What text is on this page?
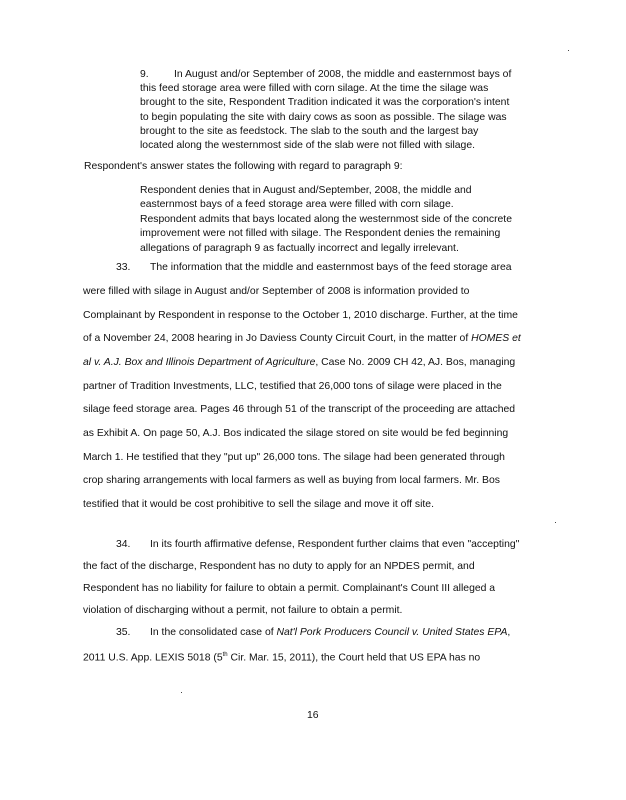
9. In August and/or September of 2008, the middle and easternmost bays of
this feed storage area were filled with corn silage. At the time the silage was
brought to the site, Respondent Tradition indicated it was the corporation's intent
to begin populating the site with dairy cows as soon as possible. The silage was
brought to the site as feedstock. The slab to the south and the largest bay
located along the westernmost side of the slab were not filled with silage.
Respondent's answer states the following with regard to paragraph 9:
Respondent denies that in August and/September, 2008, the middle and
easternmost bays of a feed storage area were filled with corn silage.
Respondent admits that bays located along the westernmost side of the concrete
improvement were not filled with silage. The Respondent denies the remaining
allegations of paragraph 9 as factually incorrect and legally irrelevant.
33. The information that the middle and easternmost bays of the feed storage area
were filled with silage in August and/or September of 2008 is information provided to
Complainant by Respondent in response to the October 1, 2010 discharge. Further, at the time
of a November 24, 2008 hearing in Jo Daviess County Circuit Court, in the matter of HOMES et
al v. A.J. Box and Illinois Department of Agriculture, Case No. 2009 CH 42, AJ. Bos, managing
partner of Tradition Investments, LLC, testified that 26,000 tons of silage were placed in the
silage feed storage area. Pages 46 through 51 of the transcript of the proceeding are attached
as Exhibit A. On page 50, A.J. Bos indicated the silage stored on site would be fed beginning
March 1. He testified that they "put up" 26,000 tons. The silage had been generated through
crop sharing arrangements with local farmers as well as buying from local farmers. Mr. Bos
testified that it would be cost prohibitive to sell the silage and move it off site.
34. In its fourth affirmative defense, Respondent further claims that even "accepting"
the fact of the discharge, Respondent has no duty to apply for an NPDES permit, and
Respondent has no liability for failure to obtain a permit. Complainant's Count III alleged a
violation of discharging without a permit, not failure to obtain a permit.
35. In the consolidated case of Nat'l Pork Producers Council v. United States EPA,
2011 U.S. App. LEXIS 5018 (5th Cir. Mar. 15, 2011), the Court held that US EPA has no
16
